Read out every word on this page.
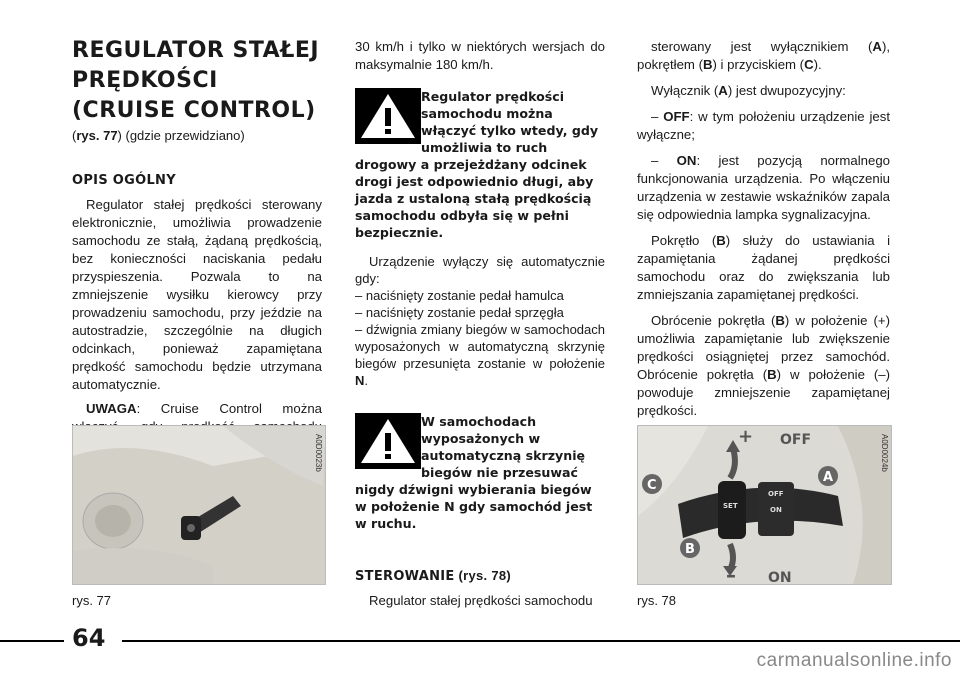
REGULATOR STAŁEJ
PRĘDKOŚCI
(CRUISE CONTROL)
(rys. 77) (gdzie przewidziano)
OPIS OGÓLNY

Regulator stałej prędkości sterowany elektronicznie, umożliwia prowadzenie samochodu ze stałą, żądaną prędkością, bez konieczności naciskania pedału przyspieszenia. Pozwala to na zmniejszenie wysiłku kierowcy przy prowadzeniu samochodu, przy jeździe na autostradzie, szczególnie na długich odcinkach, ponieważ zapamiętana prędkość samochodu będzie utrzymana automatycznie.

UWAGA: Cruise Control można

A0D0023b
rys. 77

30 km/h i tylko w niektórych wersjach do maksymalnie 180 km/h.

Regulator prędkości samochodu można włączyć tylko wtedy, gdy umożliwia to ruch drogowy a przejeżdżany odcinek drogi jest odpowiednio długi, aby jazda z ustaloną stałą prędkością samochodu odbyła się w pełni bezpiecznie.

Urządzenie wyłączy się automatycznie gdy:

– naciśnięty zostanie pedał hamulca

– naciśnięty zostanie pedał sprzęgła

– dźwignia zmiany biegów w samochodach wyposażonych w automatyczną skrzynię biegów przesunięta zostanie w położenie N.

W samochodach wyposażonych w automatyczną skrzynię biegów nie przesuwać nigdy dźwigni wybierania biegów w położenie N gdy samochód jest w ruchu.
STEROWANIE (rys. 78)

Regulator stałej prędkości samochodu

sterowany jest wyłącznikiem (A), pokrętłem (B) i przyciskiem (C).

Wyłącznik (A) jest dwupozycyjny:

– OFF: w tym położeniu urządzenie jest wyłączne;

– ON: jest pozycją normalnego funkcjonowania urządzenia. Po włączeniu urządzenia w zestawie wskaźników zapala się odpowiednia lampka sygnalizacyjna.

Pokrętło (B) służy do ustawiania i zapamiętania żądanej prędkości samochodu oraz do zwiększania lub zmniejszania zapamiętanej prędkości.

Obrócenie pokrętła (B) w położenie (+) umożliwia zapamiętanie lub zwiększenie prędkości osiągniętej przez samochód. Obrócenie pokrętła (B) w położenie (–) powoduje zmniejszenie zapamiętanej prędkości.

+ OFF
– ON
SET
OFF
ON
A
B
C
A0D0024b
rys. 78
64
carmanualsonline.info
